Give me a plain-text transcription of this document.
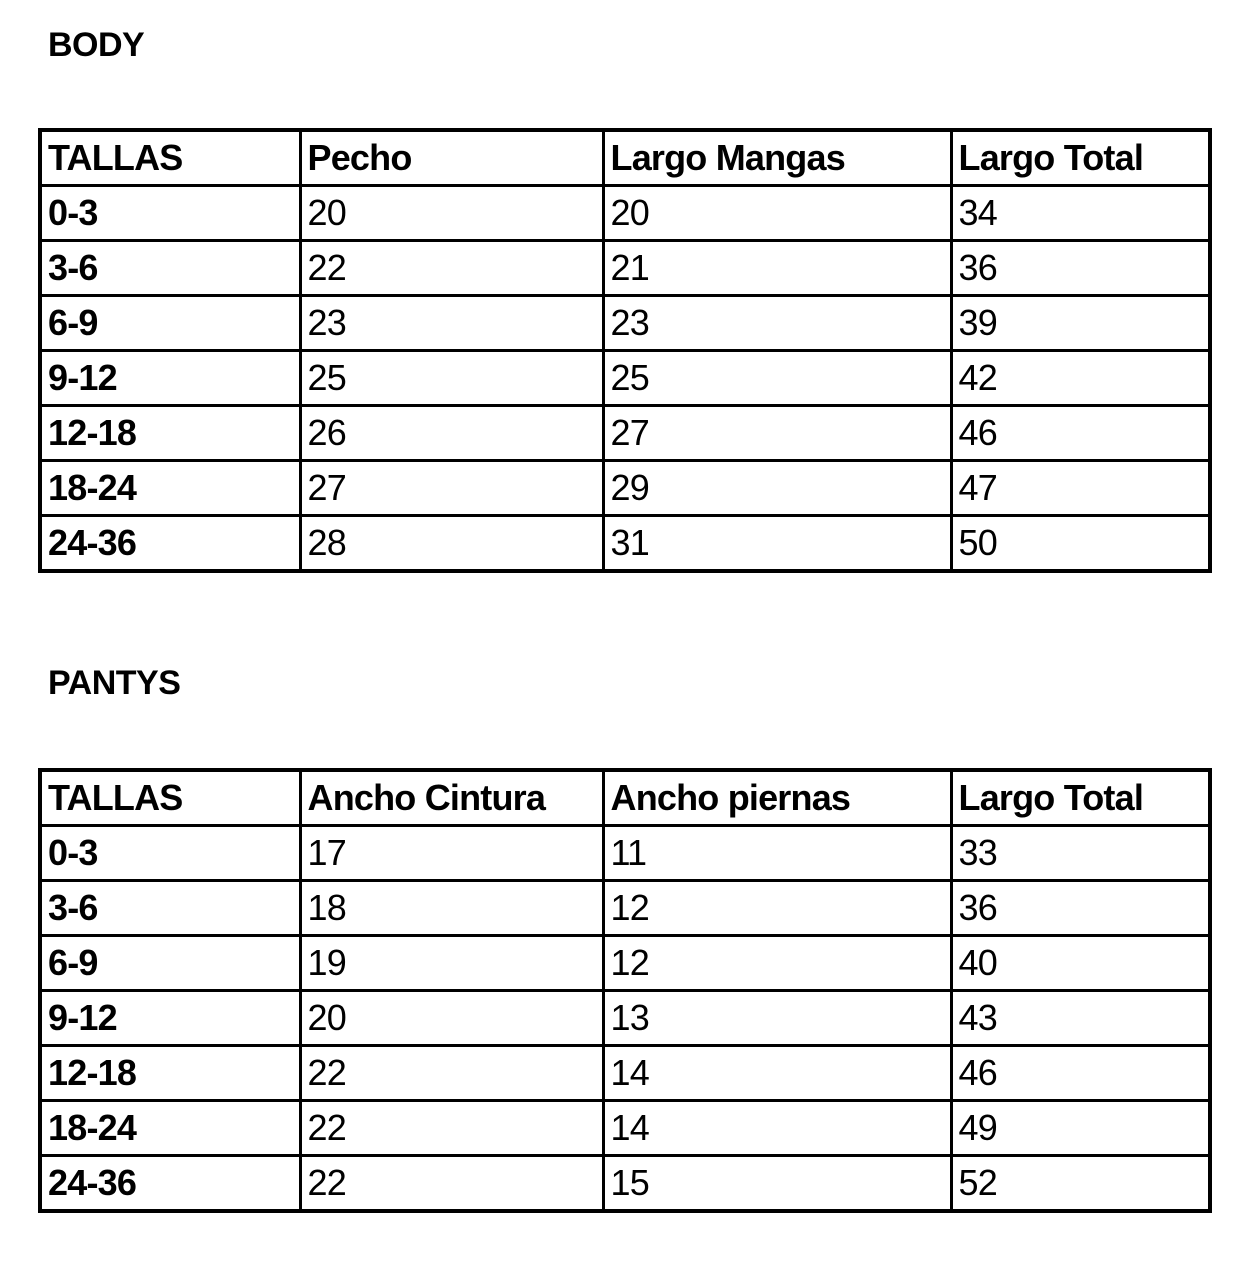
BODY
TALLAS	Pecho	Largo Mangas	Largo Total
0-3	20	20	34
3-6	22	21	36
6-9	23	23	39
9-12	25	25	42
12-18	26	27	46
18-24	27	29	47
24-36	28	31	50
PANTYS
TALLAS	Ancho Cintura	Ancho piernas	Largo Total
0-3	17	11	33
3-6	18	12	36
6-9	19	12	40
9-12	20	13	43
12-18	22	14	46
18-24	22	14	49
24-36	22	15	52
